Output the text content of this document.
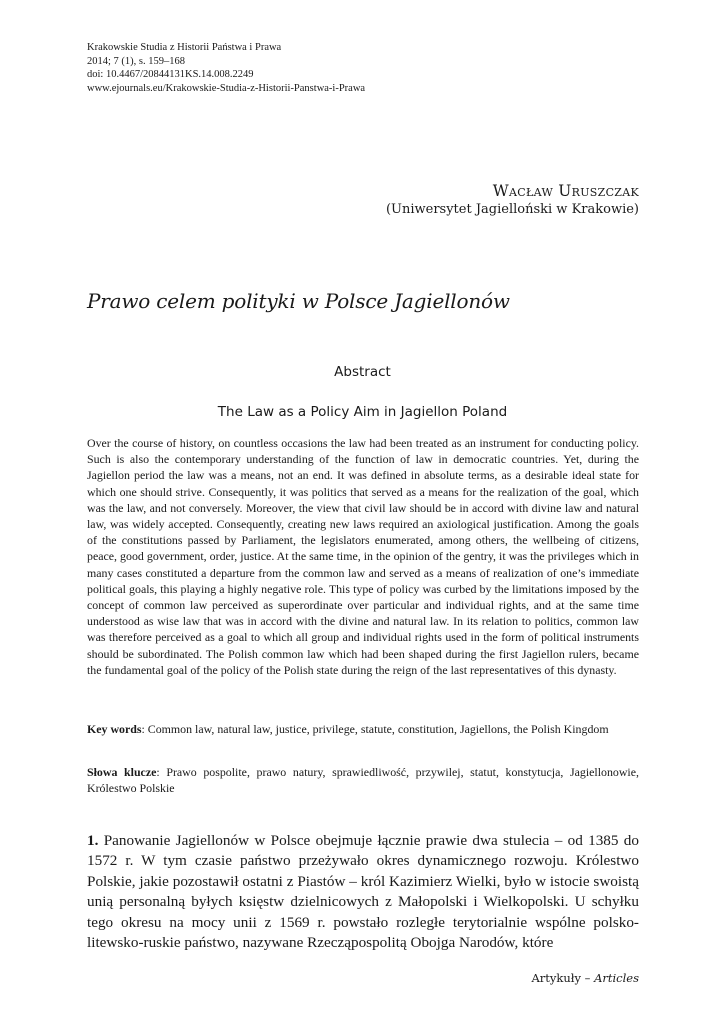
Krakowskie Studia z Historii Państwa i Prawa
2014; 7 (1), s. 159–168
doi: 10.4467/20844131KS.14.008.2249
www.ejournals.eu/Krakowskie-Studia-z-Historii-Panstwa-i-Prawa
Wacław Uruszczak
(Uniwersytet Jagielloński w Krakowie)
Prawo celem polityki w Polsce Jagiellonów
Abstract
The Law as a Policy Aim in Jagiellon Poland
Over the course of history, on countless occasions the law had been treated as an instrument for conducting policy. Such is also the contemporary understanding of the function of law in democratic countries. Yet, during the Jagiellon period the law was a means, not an end. It was defined in absolute terms, as a desirable ideal state for which one should strive. Consequently, it was politics that served as a means for the realization of the goal, which was the law, and not conversely. Moreover, the view that civil law should be in accord with divine law and natural law, was widely accepted. Consequently, creating new laws required an axiological justification. Among the goals of the constitutions passed by Parliament, the legislators enumerated, among others, the wellbeing of citizens, peace, good government, order, justice. At the same time, in the opinion of the gentry, it was the privileges which in many cases constituted a departure from the common law and served as a means of realization of one’s immediate political goals, this playing a highly negative role. This type of policy was curbed by the limitations imposed by the concept of common law perceived as superordinate over particular and individual rights, and at the same time understood as wise law that was in accord with the divine and natural law. In its relation to politics, common law was therefore perceived as a goal to which all group and individual rights used in the form of political instruments should be subordinated. The Polish common law which had been shaped during the first Jagiellon rulers, became the fundamental goal of the policy of the Polish state during the reign of the last representatives of this dynasty.
Key words: Common law, natural law, justice, privilege, statute, constitution, Jagiellons, the Polish Kingdom
Słowa klucze: Prawo pospolite, prawo natury, sprawiedliwość, przywilej, statut, konstytucja, Jagiellonowie, Królestwo Polskie
1. Panowanie Jagiellonów w Polsce obejmuje łącznie prawie dwa stulecia – od 1385 do 1572 r. W tym czasie państwo przeżywało okres dynamicznego rozwoju. Królestwo Polskie, jakie pozostawił ostatni z Piastów – król Kazimierz Wielki, było w istocie swoistą unią personalną byłych księstw dzielnicowych z Małopolski i Wielkopolski. U schyłku tego okresu na mocy unii z 1569 r. powstało rozległe terytorialnie wspólne polsko-litewsko-ruskie państwo, nazywane Rzecząpospolitą Obojga Narodów, które
Artykuły – Articles
